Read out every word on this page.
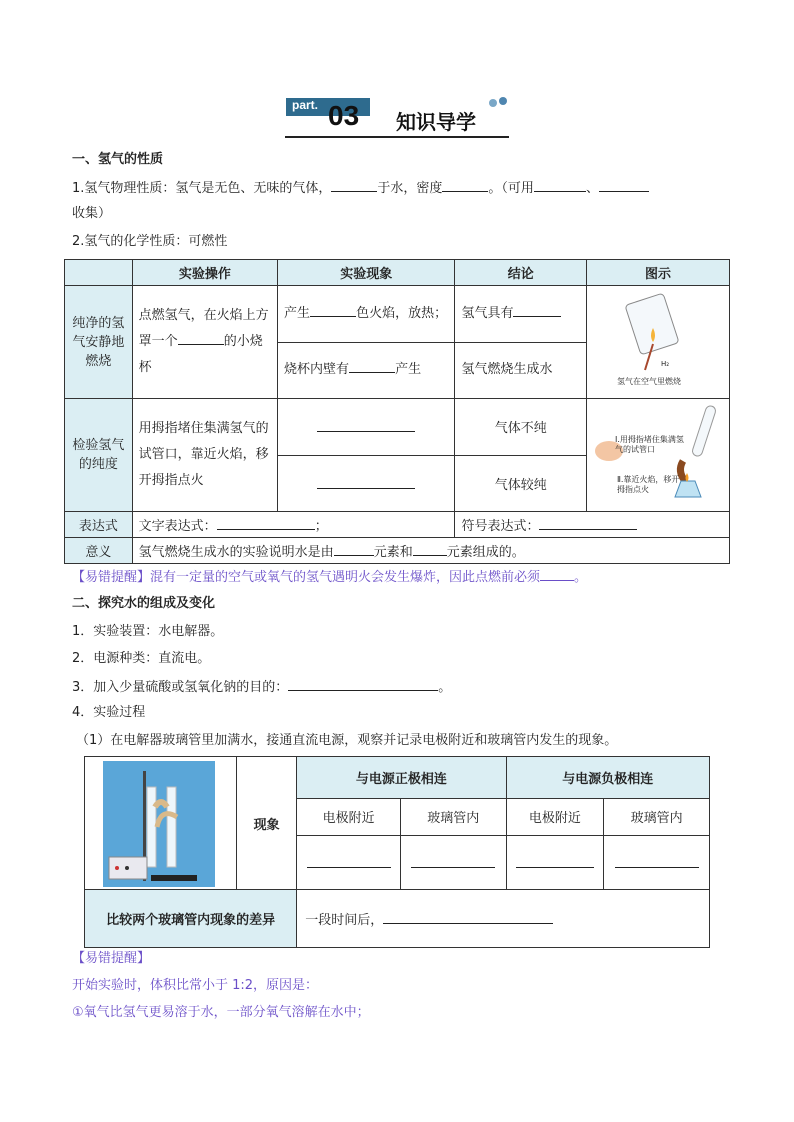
part. 03 知识导学
一、氢气的性质
1.氢气物理性质：氢气是无色、无味的气体，	于水，密度	。（可用	、
收集）
2.氢气的化学性质：可燃性
	实验操作	实验现象	结论	图示
纯净的氢气安静地燃烧	点燃氢气，在火焰上方罩一个 的小烧杯	产生 色火焰，放热；	氢气具有	H₂
氢气在空气里燃烧

		烧杯内壁有 产生	氢气燃烧生成水	
检验氢气的纯度	用拇指堵住集满氢气的试管口，靠近火焰，移开拇指点火		气体不纯	Ⅰ.用拇指堵住集满氢气的试管口
Ⅱ.靠近火焰，移开拇指点火

			气体较纯	
表达式	文字表达式： ；		符号表达式：	
意义	氢气燃烧生成水的实验说明水是由 元素和 元素组成的。			
【易错提醒】混有一定量的空气或氧气的氢气遇明火会发生爆炸，因此点燃前必须	。
二、探究水的组成及变化
1．实验装置：水电解器。
2．电源种类：直流电。
3．加入少量硫酸或氢氧化钠的目的：	。
4．实验过程
（1）在电解器玻璃管里加满水，接通直流电源，观察并记录电极附近和玻璃管内发生的现象。
	现象	与电源正极相连		与电源负极相连	
		电极附近	玻璃管内	电极附近	玻璃管内

比较两个玻璃管内现象的差异		一段时间后，			
【易错提醒】
开始实验时，体积比常小于 1:2，原因是：
①氧气比氢气更易溶于水，一部分氧气溶解在水中；
